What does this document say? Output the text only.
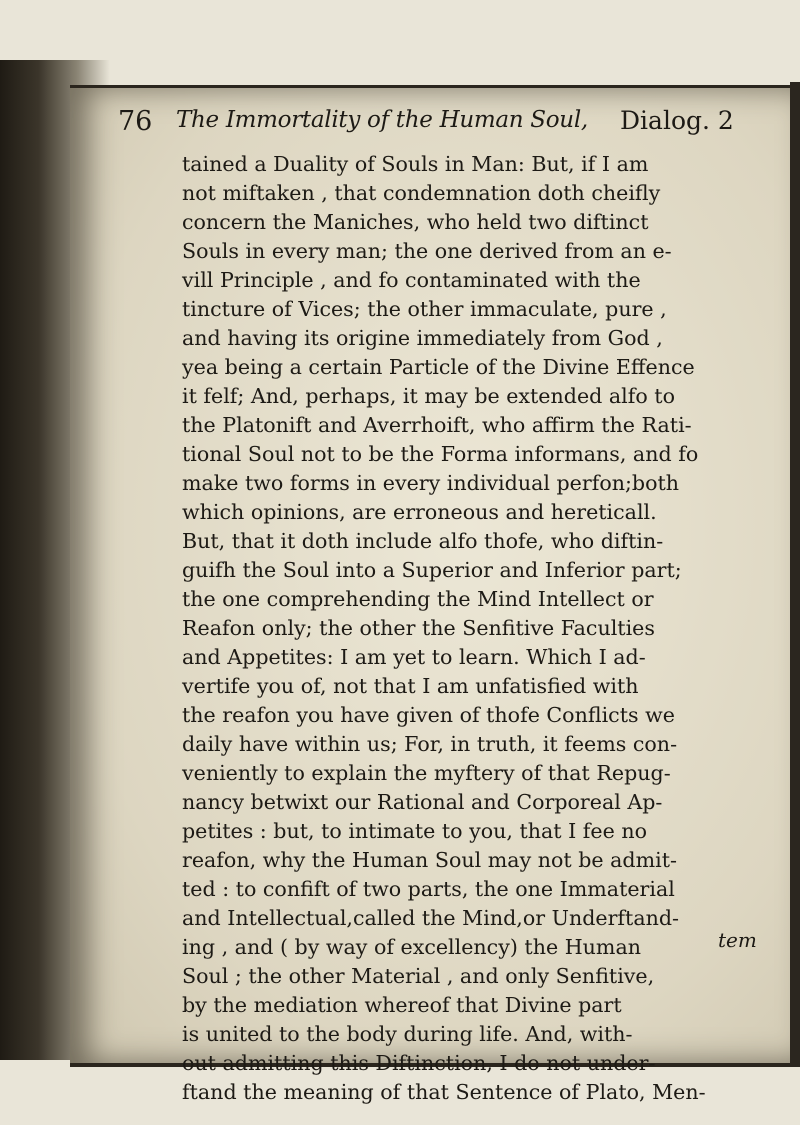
76 The Immortality of the Human Soul, Dialog. 2
tained a Duality of Souls in Man: But, if I am
not miftaken , that condemnation doth cheifly
concern the Maniches, who held two diftinct
Souls in every man; the one derived from an e-
vill Principle , and fo contaminated with the
tincture of Vices; the other immaculate, pure ,
and having its origine immediately from God ,
yea being a certain Particle of the Divine Effence
it felf; And, perhaps, it may be extended alfo to
the Platonift and Averrhoift, who affirm the Rati-
tional Soul not to be the Forma informans, and fo
make two forms in every individual perfon;both
which opinions, are erroneous and hereticall.
But, that it doth include alfo thofe, who diftin-
guifh the Soul into a Superior and Inferior part;
the one comprehending the Mind Intellect or
Reafon only; the other the Senfitive Faculties
and Appetites: I am yet to learn. Which I ad-
vertife you of, not that I am unfatisfied with
the reafon you have given of thofe Conflicts we
daily have within us; For, in truth, it feems con-
veniently to explain the myftery of that Repug-
nancy betwixt our Rational and Corporeal Ap-
petites : but, to intimate to you, that I fee no
reafon, why the Human Soul may not be admit-
ted : to confift of two parts, the one Immaterial
and Intellectual,called the Mind,or Underftand-
ing , and ( by way of excellency) the Human
Soul ; the other Material , and only Senfitive,
by the mediation whereof that Divine part
is united to the body during life. And, with-
out admitting this Diftinction, I do not under-
ftand the meaning of that Sentence of Plato, Men-
tem
